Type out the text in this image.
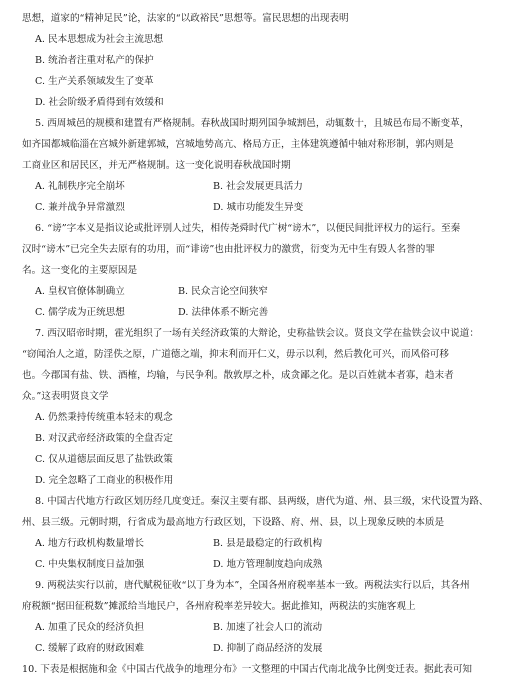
思想，道家的“精神足民”论，法家的“以政裕民”思想等。富民思想的出现表明
A. 民本思想成为社会主流思想
B. 统治者注重对私产的保护
C. 生产关系领域发生了变革
D. 社会阶级矛盾得到有效缓和
5. 西周城邑的规模和建置有严格规制。春秋战国时期列国争城割邑，动辄数十，且城邑布局不断变革，
如齐国都城临淄在宫城外新建郭城，宫城地势高亢、格局方正，主体建筑遵循中轴对称形制，郭内则是
工商业区和居民区，并无严格规制。这一变化说明春秋战国时期
A. 礼制秩序完全崩坏	B. 社会发展更具活力
C. 兼并战争异常激烈	D. 城市功能发生异变
6. “谤”字本义是指议论或批评别人过失，相传尧舜时代广树“谤木”，以便民间批评权力的运行。至秦
汉时“谤木”已完全失去原有的功用，而“诽谤”也由批评权力的激赏，衍变为无中生有毁人名誉的罪
名。这一变化的主要原因是
A. 皇权官僚体制确立	B. 民众言论空间狭窄
C. 儒学成为正统思想	D. 法律体系不断完善
7. 西汉昭帝时期，霍光组织了一场有关经济政策的大辩论，史称盐铁会议。贤良文学在盐铁会议中说道：
“窃闻治人之道，防淫佚之原，广道德之端，抑末利而开仁义，毋示以利，然后教化可兴，而风俗可移
也。今郡国有盐、铁、酒榷，均输，与民争利。散敦厚之朴，成贪鄙之化。是以百姓就本者寡，趋末者
众。”这表明贤良文学
A. 仍然秉持传统重本轻末的观念
B. 对汉武帝经济政策的全盘否定
C. 仅从道德层面反思了盐铁政策
D. 完全忽略了工商业的积极作用
8. 中国古代地方行政区划历经几度变迁。秦汉主要有郡、县两级，唐代为道、州、县三级，宋代设置为路、
州、县三级。元朝时期，行省成为最高地方行政区划，下设路、府、州、县，以上现象反映的本质是
A. 地方行政机构数量增长	B. 县是最稳定的行政机构
C. 中央集权制度日益加强	D. 地方管理制度趋向成熟
9. 两税法实行以前，唐代赋税征收“以丁身为本”，全国各州府税率基本一致。两税法实行以后，其各州
府税额“据田征税数”摊派给当地民户，各州府税率差异较大。据此推知，两税法的实施客观上
A. 加重了民众的经济负担	B. 加速了社会人口的流动
C. 缓解了政府的财政困难	D. 抑制了商品经济的发展
10. 下表是根据施和金《中国古代战争的地理分布》一文整理的中国古代南北战争比例变迁表。据此表可知
